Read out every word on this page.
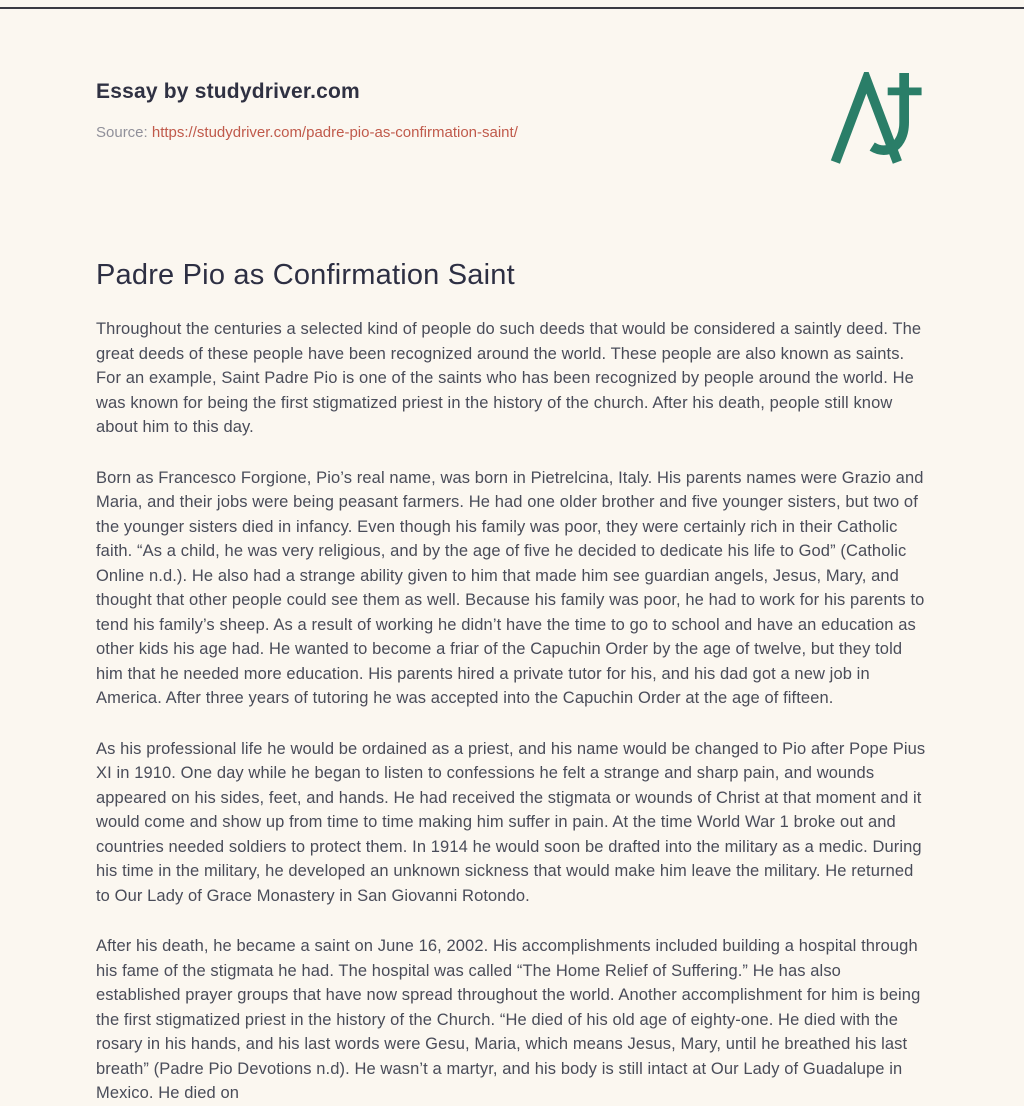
Essay by studydriver.com
Source: https://studydriver.com/padre-pio-as-confirmation-saint/
Padre Pio as Confirmation Saint

Throughout the centuries a selected kind of people do such deeds that would be considered a saintly deed. The great deeds of these people have been recognized around the world. These people are also known as saints. For an example, Saint Padre Pio is one of the saints who has been recognized by people around the world. He was known for being the first stigmatized priest in the history of the church. After his death, people still know about him to this day.

Born as Francesco Forgione, Pio’s real name, was born in Pietrelcina, Italy. His parents names were Grazio and Maria, and their jobs were being peasant farmers. He had one older brother and five younger sisters, but two of the younger sisters died in infancy. Even though his family was poor, they were certainly rich in their Catholic faith. “As a child, he was very religious, and by the age of five he decided to dedicate his life to God” (Catholic Online n.d.). He also had a strange ability given to him that made him see guardian angels, Jesus, Mary, and thought that other people could see them as well. Because his family was poor, he had to work for his parents to tend his family’s sheep. As a result of working he didn’t have the time to go to school and have an education as other kids his age had. He wanted to become a friar of the Capuchin Order by the age of twelve, but they told him that he needed more education. His parents hired a private tutor for his, and his dad got a new job in America. After three years of tutoring he was accepted into the Capuchin Order at the age of fifteen.

As his professional life he would be ordained as a priest, and his name would be changed to Pio after Pope Pius XI in 1910. One day while he began to listen to confessions he felt a strange and sharp pain, and wounds appeared on his sides, feet, and hands. He had received the stigmata or wounds of Christ at that moment and it would come and show up from time to time making him suffer in pain. At the time World War 1 broke out and countries needed soldiers to protect them. In 1914 he would soon be drafted into the military as a medic. During his time in the military, he developed an unknown sickness that would make him leave the military. He returned to Our Lady of Grace Monastery in San Giovanni Rotondo.

After his death, he became a saint on June 16, 2002. His accomplishments included building a hospital through his fame of the stigmata he had. The hospital was called “The Home Relief of Suffering.” He has also established prayer groups that have now spread throughout the world. Another accomplishment for him is being the first stigmatized priest in the history of the Church. “He died of his old age of eighty-one. He died with the rosary in his hands, and his last words were Gesu, Maria, which means Jesus, Mary, until he breathed his last breath” (Padre Pio Devotions n.d). He wasn’t a martyr, and his body is still intact at Our Lady of Guadalupe in Mexico. He died on
